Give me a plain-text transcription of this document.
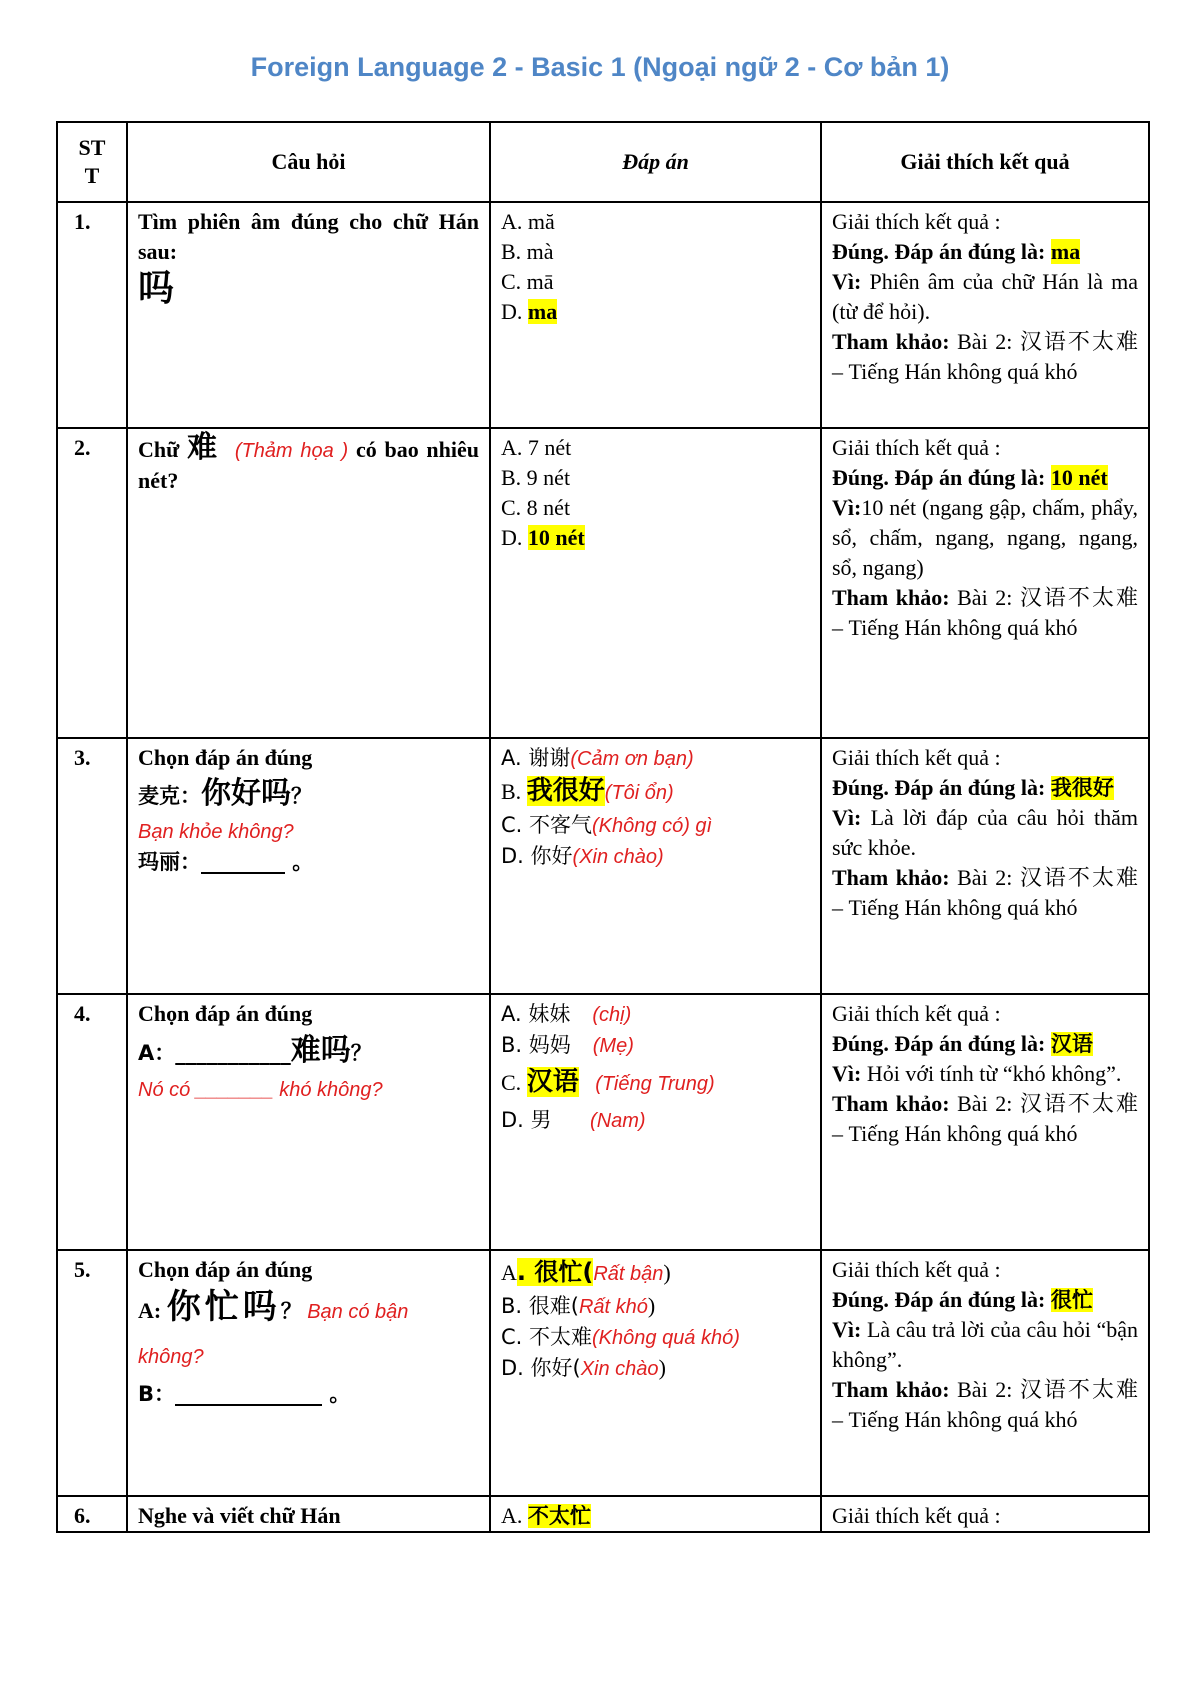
Foreign Language 2 - Basic 1 (Ngoại ngữ 2 - Cơ bản 1)
STT	Câu hỏi	Đáp án	Giải thích kết quả
1.	Tìm phiên âm đúng cho chữ Hán sau:
吗	A. mă
B. mà
C. mā
D. ma	Giải thích kết quả :
Đúng. Đáp án đúng là: ma
Vì: Phiên âm của chữ Hán là ma (từ để hỏi).
Tham khảo: Bài 2: 汉语不太难 – Tiếng Hán không quá khó

2.	Chữ 难 (Thảm họa ) có bao nhiêu nét?	A. 7 nét
B. 9 nét
C. 8 nét
D. 10 nét	Giải thích kết quả :
Đúng. Đáp án đúng là: 10 nét
Vì:10 nét (ngang gập, chấm, phẩy, sổ, chấm, ngang, ngang, ngang, sổ, ngang)
Tham khảo: Bài 2: 汉语不太难 – Tiếng Hán không quá khó

3.	Chọn đáp án đúng
麦克：你好吗？
Bạn khỏe không?
玛丽：________ 。	A. 谢谢(Cảm ơn bạn)
B. 我很好(Tôi ổn)
C. 不客气(Không có) gì
D. 你好(Xin chào)	Giải thích kết quả :
Đúng. Đáp án đúng là: 我很好
Vì: Là lời đáp của câu hỏi thăm sức khỏe.
Tham khảo: Bài 2: 汉语不太难 – Tiếng Hán không quá khó

4.	Chọn đáp án đúng
A：___________难吗？
Nó có _______ khó không?	A. 妹妹 (chị)
B. 妈妈 (Mẹ)
C. 汉语 (Tiếng Trung)
D. 男 (Nam)	Giải thích kết quả :
Đúng. Đáp án đúng là: 汉语
Vì: Hỏi với tính từ “khó không”.
Tham khảo: Bài 2: 汉语不太难 – Tiếng Hán không quá khó

5.	Chọn đáp án đúng
A: 你忙吗？ Bạn có bận không?
B：______________ 。	A. 很忙(Rất bận)
B. 很难(Rất khó)
C. 不太难(Không quá khó)
D. 你好(Xin chào)	Giải thích kết quả :
Đúng. Đáp án đúng là: 很忙
Vì: Là câu trả lời của câu hỏi “bận không”.
Tham khảo: Bài 2: 汉语不太难 – Tiếng Hán không quá khó

6.	Nghe và viết chữ Hán	A. 不太忙	Giải thích kết quả :
